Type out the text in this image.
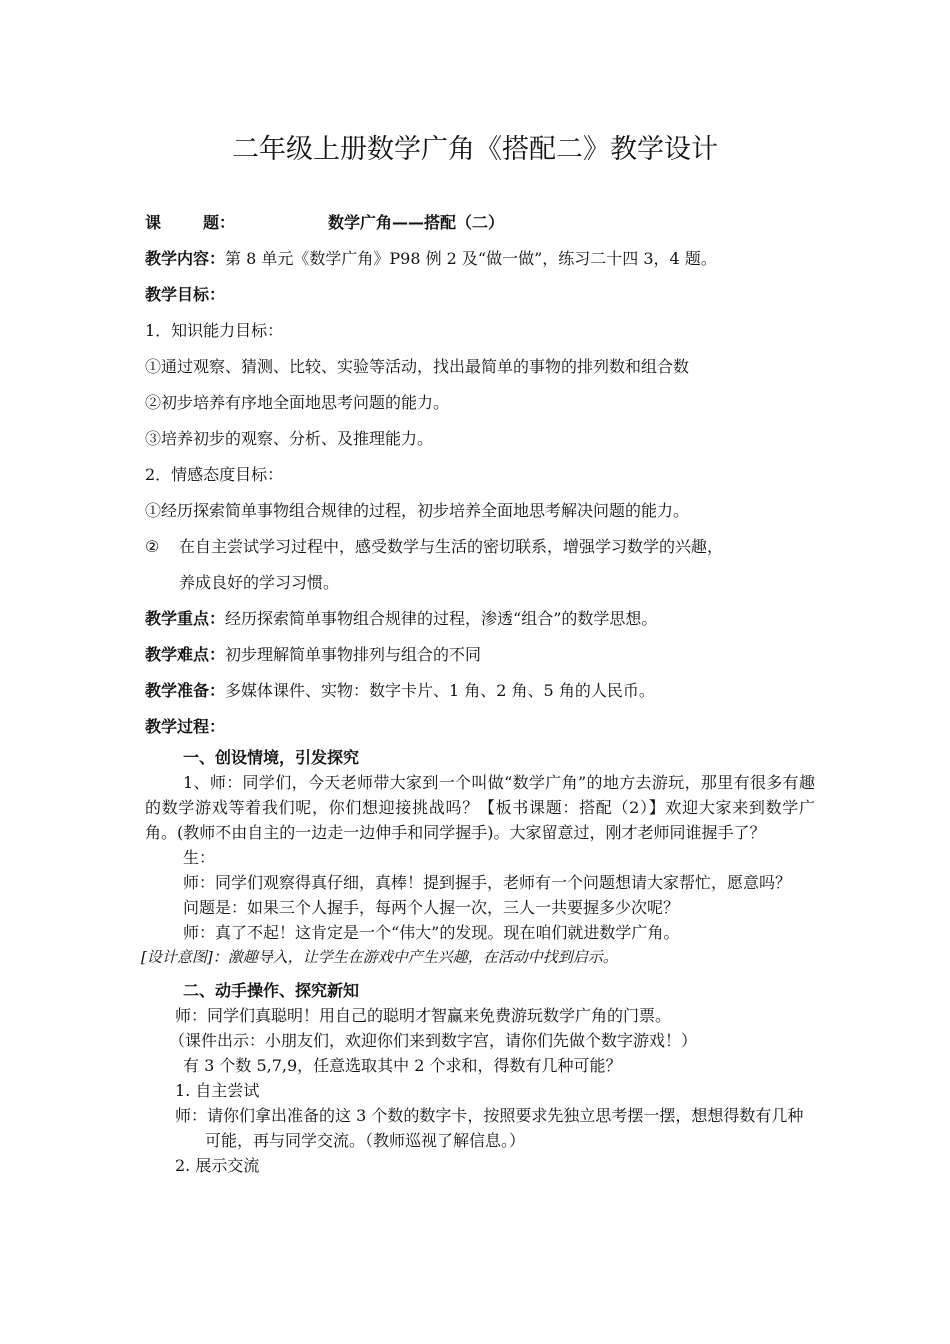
二年级上册数学广角《搭配二》教学设计
课	题：	数学广角——搭配（二）
教学内容：第 8 单元《数学广角》P98 例 2 及“做一做”，练习二十四 3，4 题。
教学目标：
1．知识能力目标：
①通过观察、猜测、比较、实验等活动，找出最简单的事物的排列数和组合数
②初步培养有序地全面地思考问题的能力。
③培养初步的观察、分析、及推理能力。
2．情感态度目标：
①经历探索简单事物组合规律的过程，初步培养全面地思考解决问题的能力。
②	在自主尝试学习过程中，感受数学与生活的密切联系，增强学习数学的兴趣，
养成良好的学习习惯。
教学重点：经历探索简单事物组合规律的过程，渗透“组合”的数学思想。
教学难点：初步理解简单事物排列与组合的不同
教学准备：多媒体课件、实物：数字卡片、1 角、2 角、5 角的人民币。
教学过程：
一、创设情境，引发探究
1、师：同学们，今天老师带大家到一个叫做“数学广角”的地方去游玩，那里有很多有趣的数学游戏等着我们呢，你们想迎接挑战吗？【板书课题：搭配（2）】欢迎大家来到数学广角。(教师不由自主的一边走一边伸手和同学握手)。大家留意过，刚才老师同谁握手了？
生：
师：同学们观察得真仔细，真棒！提到握手，老师有一个问题想请大家帮忙，愿意吗？
问题是：如果三个人握手，每两个人握一次，三人一共要握多少次呢？
师：真了不起！这肯定是一个“伟大”的发现。现在咱们就进数学广角。
[设计意图]：激趣导入，让学生在游戏中产生兴趣，在活动中找到启示。
二、动手操作、探究新知
师：同学们真聪明！用自己的聪明才智赢来免费游玩数学广角的门票。
（课件出示：小朋友们，欢迎你们来到数字宫，请你们先做个数字游戏！）
有 3 个数 5,7,9，任意选取其中 2 个求和，得数有几种可能？
1. 自主尝试
师：请你们拿出准备的这 3 个数的数字卡，按照要求先独立思考摆一摆，想想得数有几种可能，再与同学交流。（教师巡视了解信息。）
2. 展示交流
